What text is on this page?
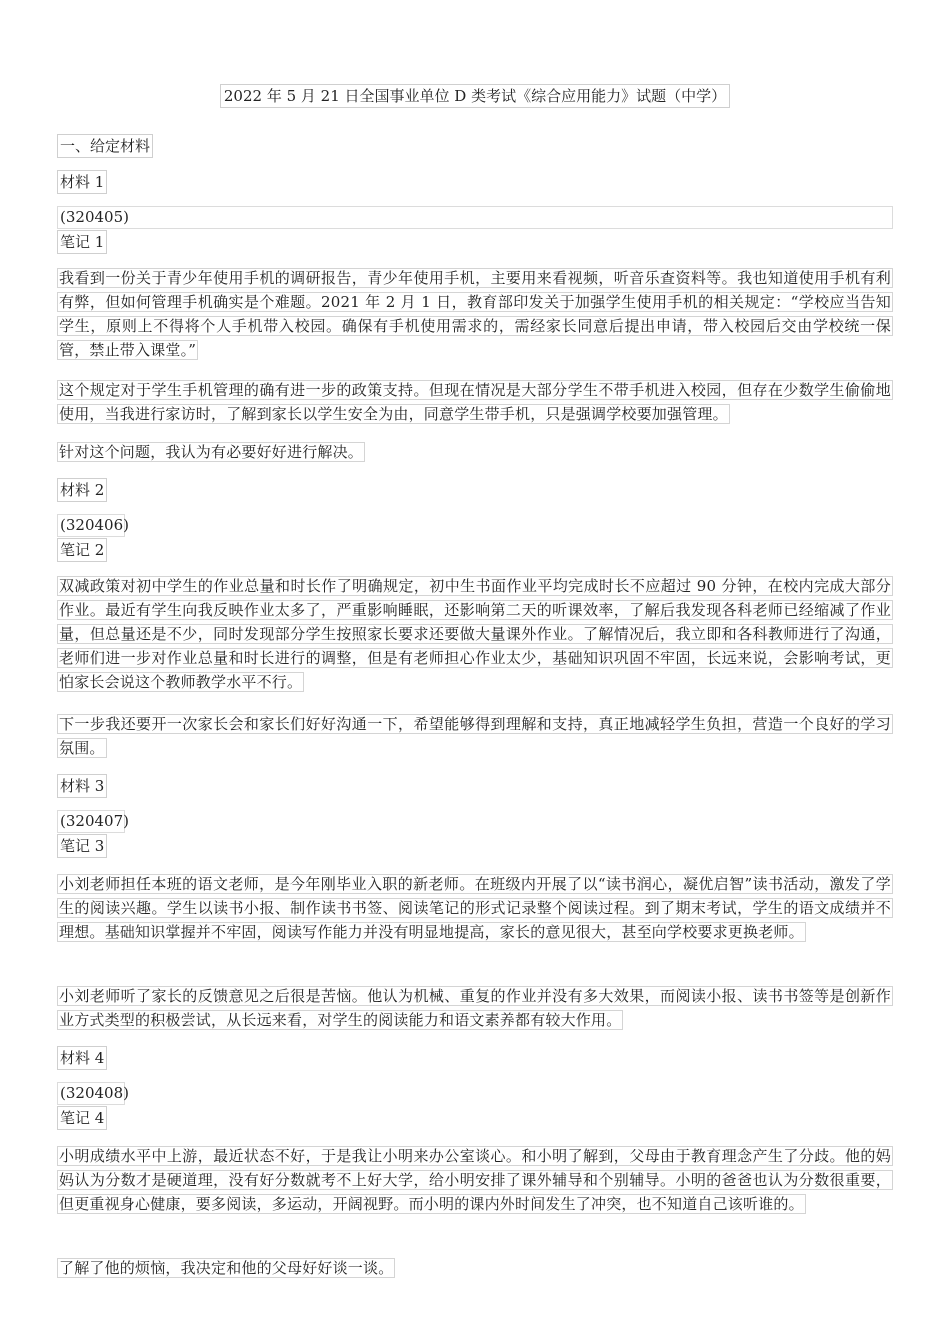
2022 年 5 月 21 日全国事业单位 D 类考试《综合应用能力》试题（中学）
一、给定材料
材料 1
(320405)
笔记 1
我看到一份关于青少年使用手机的调研报告，青少年使用手机，主要用来看视频，听音乐查资料等。我也知道使用手机有利有弊，但如何管理手机确实是个难题。2021 年 2 月 1 日，教育部印发关于加强学生使用手机的相关规定：“学校应当告知学生，原则上不得将个人手机带入校园。确保有手机使用需求的，需经家长同意后提出申请，带入校园后交由学校统一保管，禁止带入课堂。”
这个规定对于学生手机管理的确有进一步的政策支持。但现在情况是大部分学生不带手机进入校园，但存在少数学生偷偷地使用，当我进行家访时，了解到家长以学生安全为由，同意学生带手机，只是强调学校要加强管理。
针对这个问题，我认为有必要好好进行解决。
材料 2
(320406)
笔记 2
双减政策对初中学生的作业总量和时长作了明确规定，初中生书面作业平均完成时长不应超过 90 分钟，在校内完成大部分作业。最近有学生向我反映作业太多了，严重影响睡眠，还影响第二天的听课效率，了解后我发现各科老师已经缩减了作业量，但总量还是不少，同时发现部分学生按照家长要求还要做大量课外作业。了解情况后，我立即和各科教师进行了沟通，老师们进一步对作业总量和时长进行的调整，但是有老师担心作业太少，基础知识巩固不牢固，长远来说，会影响考试，更怕家长会说这个教师教学水平不行。
下一步我还要开一次家长会和家长们好好沟通一下，希望能够得到理解和支持，真正地减轻学生负担，营造一个良好的学习氛围。
材料 3
(320407)
笔记 3
小刘老师担任本班的语文老师，是今年刚毕业入职的新老师。在班级内开展了以“读书润心，凝优启智”读书活动，激发了学生的阅读兴趣。学生以读书小报、制作读书书签、阅读笔记的形式记录整个阅读过程。到了期末考试，学生的语文成绩并不理想。基础知识掌握并不牢固，阅读写作能力并没有明显地提高，家长的意见很大，甚至向学校要求更换老师。
小刘老师听了家长的反馈意见之后很是苦恼。他认为机械、重复的作业并没有多大效果，而阅读小报、读书书签等是创新作业方式类型的积极尝试，从长远来看，对学生的阅读能力和语文素养都有较大作用。
材料 4
(320408)
笔记 4
小明成绩水平中上游，最近状态不好，于是我让小明来办公室谈心。和小明了解到，父母由于教育理念产生了分歧。他的妈妈认为分数才是硬道理，没有好分数就考不上好大学，给小明安排了课外辅导和个别辅导。小明的爸爸也认为分数很重要，但更重视身心健康，要多阅读，多运动，开阔视野。而小明的课内外时间发生了冲突，也不知道自己该听谁的。
了解了他的烦恼，我决定和他的父母好好谈一谈。
